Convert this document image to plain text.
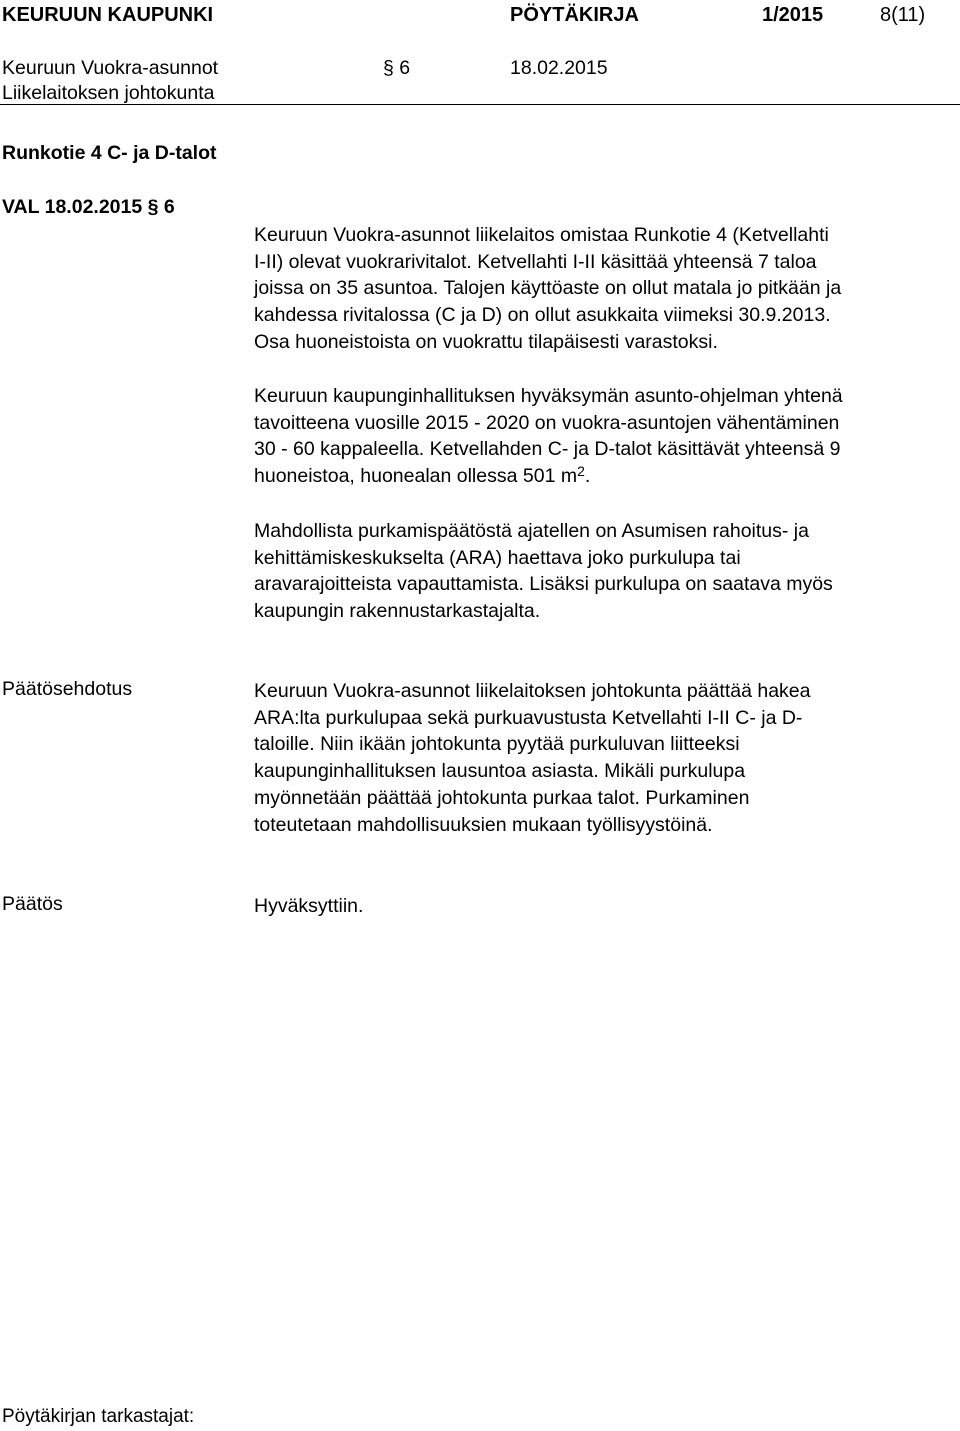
KEURUUN KAUPUNKI	PÖYTÄKIRJA	1/2015	8(11)
Keuruun Vuokra-asunnot
Liikelaitoksen johtokunta
§ 6	18.02.2015
Runkotie 4 C- ja D-talot
VAL 18.02.2015 § 6
Keuruun Vuokra-asunnot liikelaitos omistaa Runkotie 4 (Ketvellahti
I-II) olevat vuokrarivitalot. Ketvellahti I-II käsittää yhteensä 7 taloa
joissa on 35 asuntoa. Talojen käyttöaste on ollut matala jo pitkään ja
kahdessa rivitalossa (C ja D) on ollut asukkaita viimeksi 30.9.2013.
Osa huoneistoista on vuokrattu tilapäisesti varastoksi.
Keuruun kaupunginhallituksen hyväksymän asunto-ohjelman yhtenä
tavoitteena vuosille 2015 - 2020 on vuokra-asuntojen vähentäminen
30 - 60 kappaleella. Ketvellahden C- ja D-talot käsittävät yhteensä 9
huoneistoa, huonealan ollessa 501 $m^2$.
Mahdollista purkamispäätöstä ajatellen on Asumisen rahoitus- ja
kehittämiskeskukselta (ARA) haettava joko purkulupa tai
aravarajoitteista vapauttamista. Lisäksi purkulupa on saatava myös
kaupungin rakennustarkastajalta.
Päätösehdotus	Keuruun Vuokra-asunnot liikelaitoksen johtokunta päättää hakea
ARA:lta purkulupaa sekä purkuavustusta Ketvellahti I-II C- ja D-
taloille. Niin ikään johtokunta pyytää purkuluvan liitteeksi
kaupunginhallituksen lausuntoa asiasta. Mikäli purkulupa
myönnetään päättää johtokunta purkaa talot. Purkaminen
toteutetaan mahdollisuuksien mukaan työllisyystöinä.
Päätös	Hyväksyttiin.
Pöytäkirjan tarkastajat:
